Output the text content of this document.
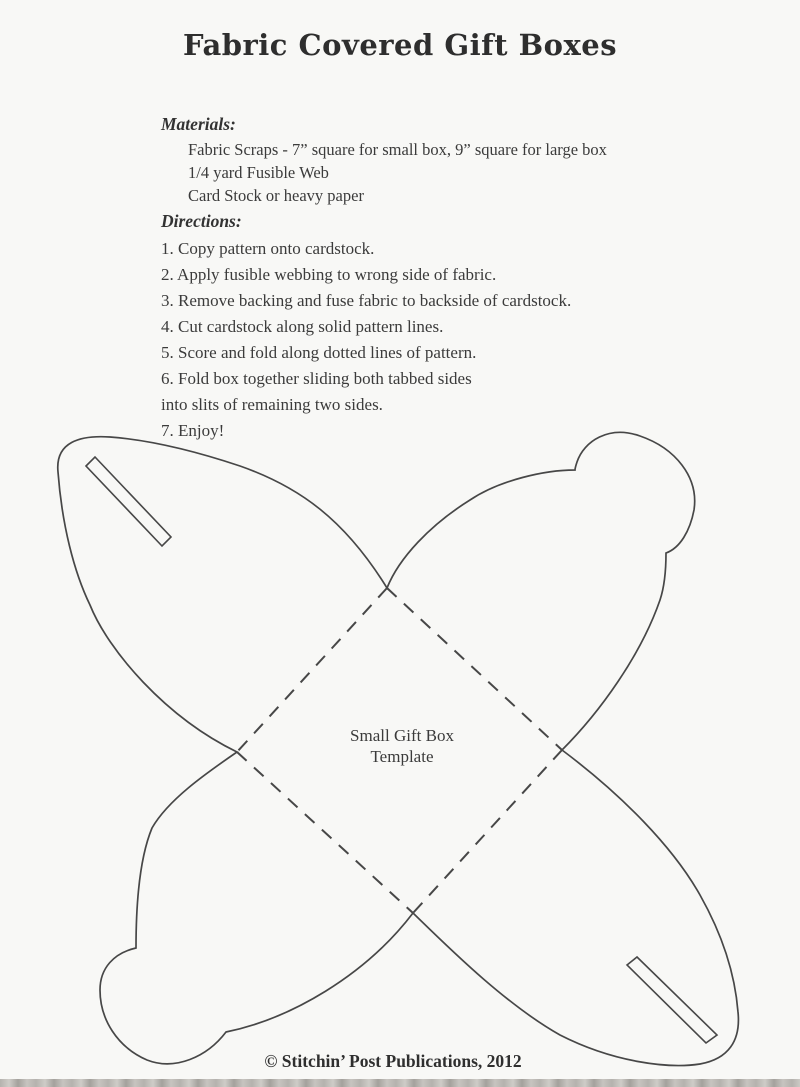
Fabric Covered Gift Boxes
Materials:
Fabric Scraps - 7” square for small box, 9” square for large box
1/4 yard Fusible Web
Card Stock or heavy paper
Directions:
1. Copy pattern onto cardstock.
2. Apply fusible webbing to wrong side of fabric.
3. Remove backing and fuse fabric to backside of cardstock.
4. Cut cardstock along solid pattern lines.
5. Score and fold along dotted lines of pattern.
6. Fold box together sliding both tabbed sides
into slits of remaining two sides.
7. Enjoy!
Small Gift Box
Template
© Stitchin’ Post Publications, 2012
